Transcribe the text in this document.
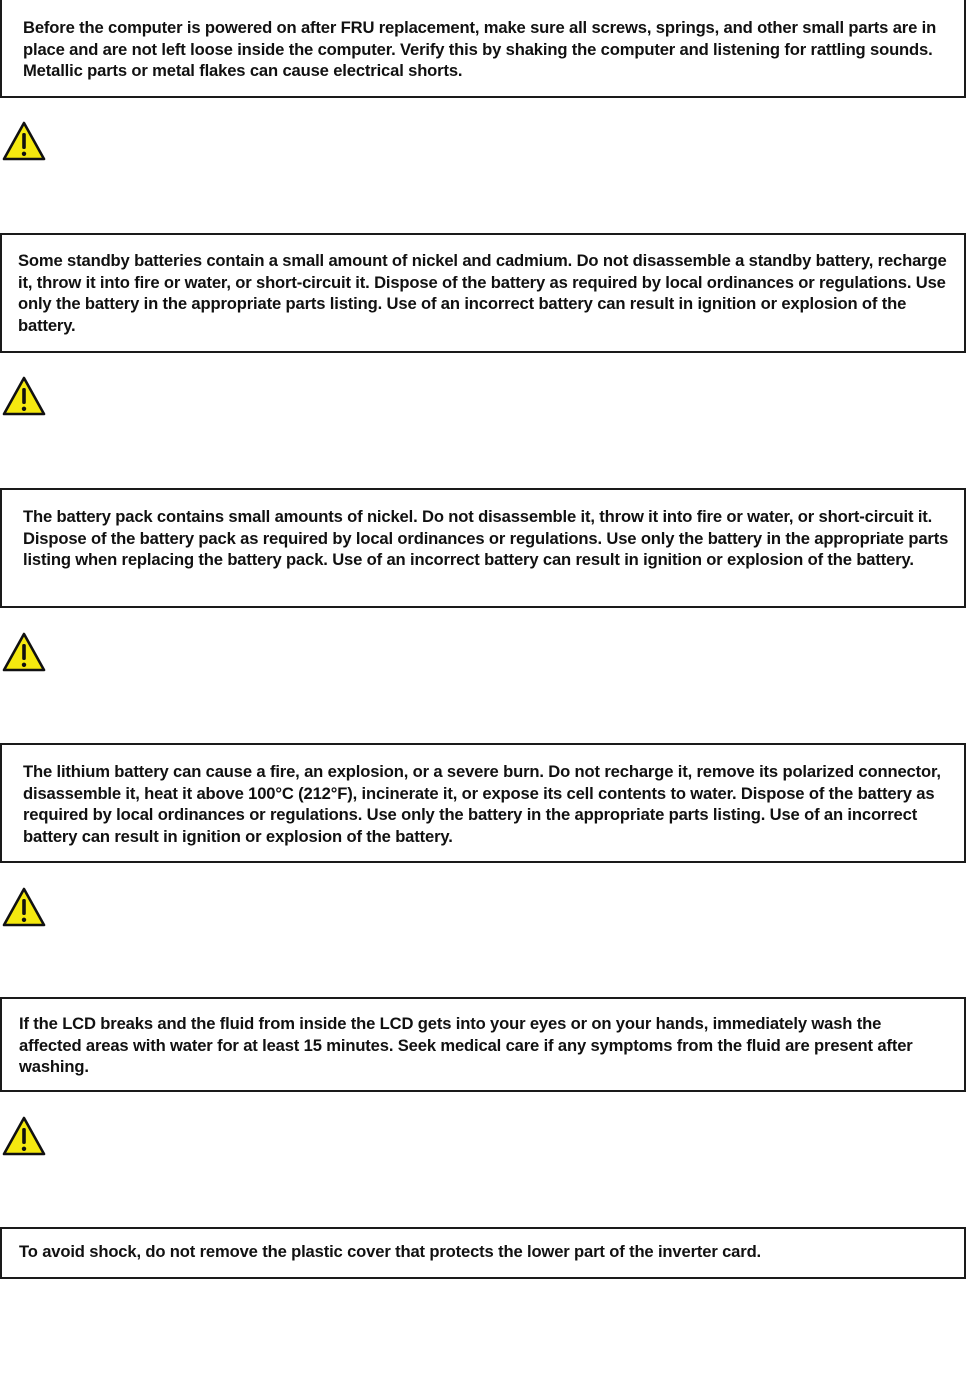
Before the computer is powered on after FRU replacement, make sure all screws, springs, and other small parts are in place and are not left loose inside the computer. Verify this by shaking the computer and listening for rattling sounds. Metallic parts or metal flakes can cause electrical shorts.

Some standby batteries contain a small amount of nickel and cadmium. Do not disassemble a standby battery, recharge it, throw it into fire or water, or short-circuit it. Dispose of the battery as required by local ordinances or regulations. Use only the battery in the appropriate parts listing. Use of an incorrect battery can result in ignition or explosion of the battery.

The battery pack contains small amounts of nickel. Do not disassemble it, throw it into fire or water, or short-circuit it. Dispose of the battery pack as required by local ordinances or regulations. Use only the battery in the appropriate parts listing when replacing the battery pack. Use of an incorrect battery can result in ignition or explosion of the battery.

The lithium battery can cause a fire, an explosion, or a severe burn. Do not recharge it, remove its polarized connector, disassemble it, heat it above 100°C (212°F), incinerate it, or expose its cell contents to water. Dispose of the battery as required by local ordinances or regulations. Use only the battery in the appropriate parts listing. Use of an incorrect battery can result in ignition or explosion of the battery.

If the LCD breaks and the fluid from inside the LCD gets into your eyes or on your hands, immediately wash the affected areas with water for at least 15 minutes. Seek medical care if any symptoms from the fluid are present after washing.

To avoid shock, do not remove the plastic cover that protects the lower part of the inverter card.
